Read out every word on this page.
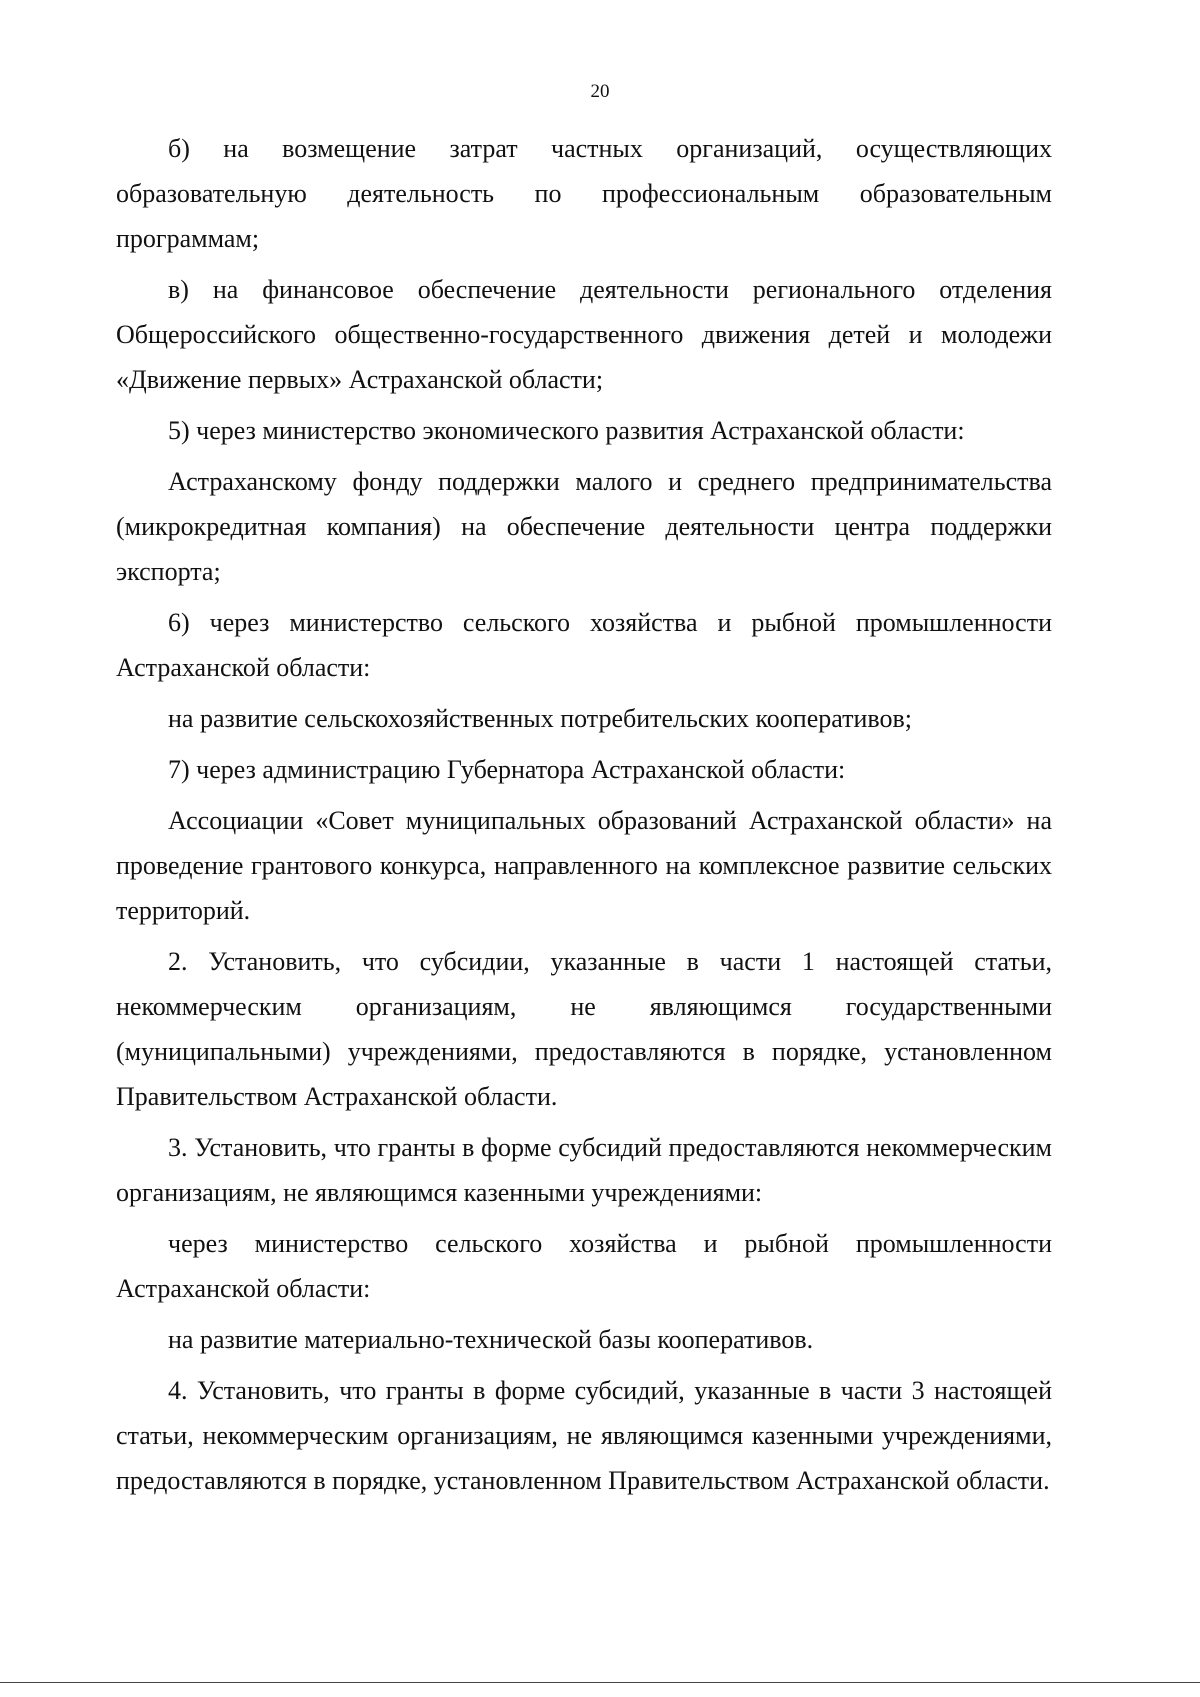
20

б) на возмещение затрат частных организаций, осуществляющих образовательную деятельность по профессиональным образовательным программам;

в) на финансовое обеспечение деятельности регионального отделения Общероссийского общественно-государственного движения детей и молодежи «Движение первых» Астраханской области;

5) через министерство экономического развития Астраханской области:

Астраханскому фонду поддержки малого и среднего предпринимательства (микрокредитная компания) на обеспечение деятельности центра поддержки экспорта;

6) через министерство сельского хозяйства и рыбной промышленности Астраханской области:

на развитие сельскохозяйственных потребительских кооперативов;

7) через администрацию Губернатора Астраханской области:

Ассоциации «Совет муниципальных образований Астраханской области» на проведение грантового конкурса, направленного на комплексное развитие сельских территорий.

2. Установить, что субсидии, указанные в части 1 настоящей статьи, некоммерческим организациям, не являющимся государственными (муниципальными) учреждениями, предоставляются в порядке, установленном Правительством Астраханской области.

3. Установить, что гранты в форме субсидий предоставляются некоммерческим организациям, не являющимся казенными учреждениями:

через министерство сельского хозяйства и рыбной промышленности Астраханской области:

на развитие материально-технической базы кооперативов.

4. Установить, что гранты в форме субсидий, указанные в части 3 настоящей статьи, некоммерческим организациям, не являющимся казенными учреждениями, предоставляются в порядке, установленном Правительством Астраханской области.
